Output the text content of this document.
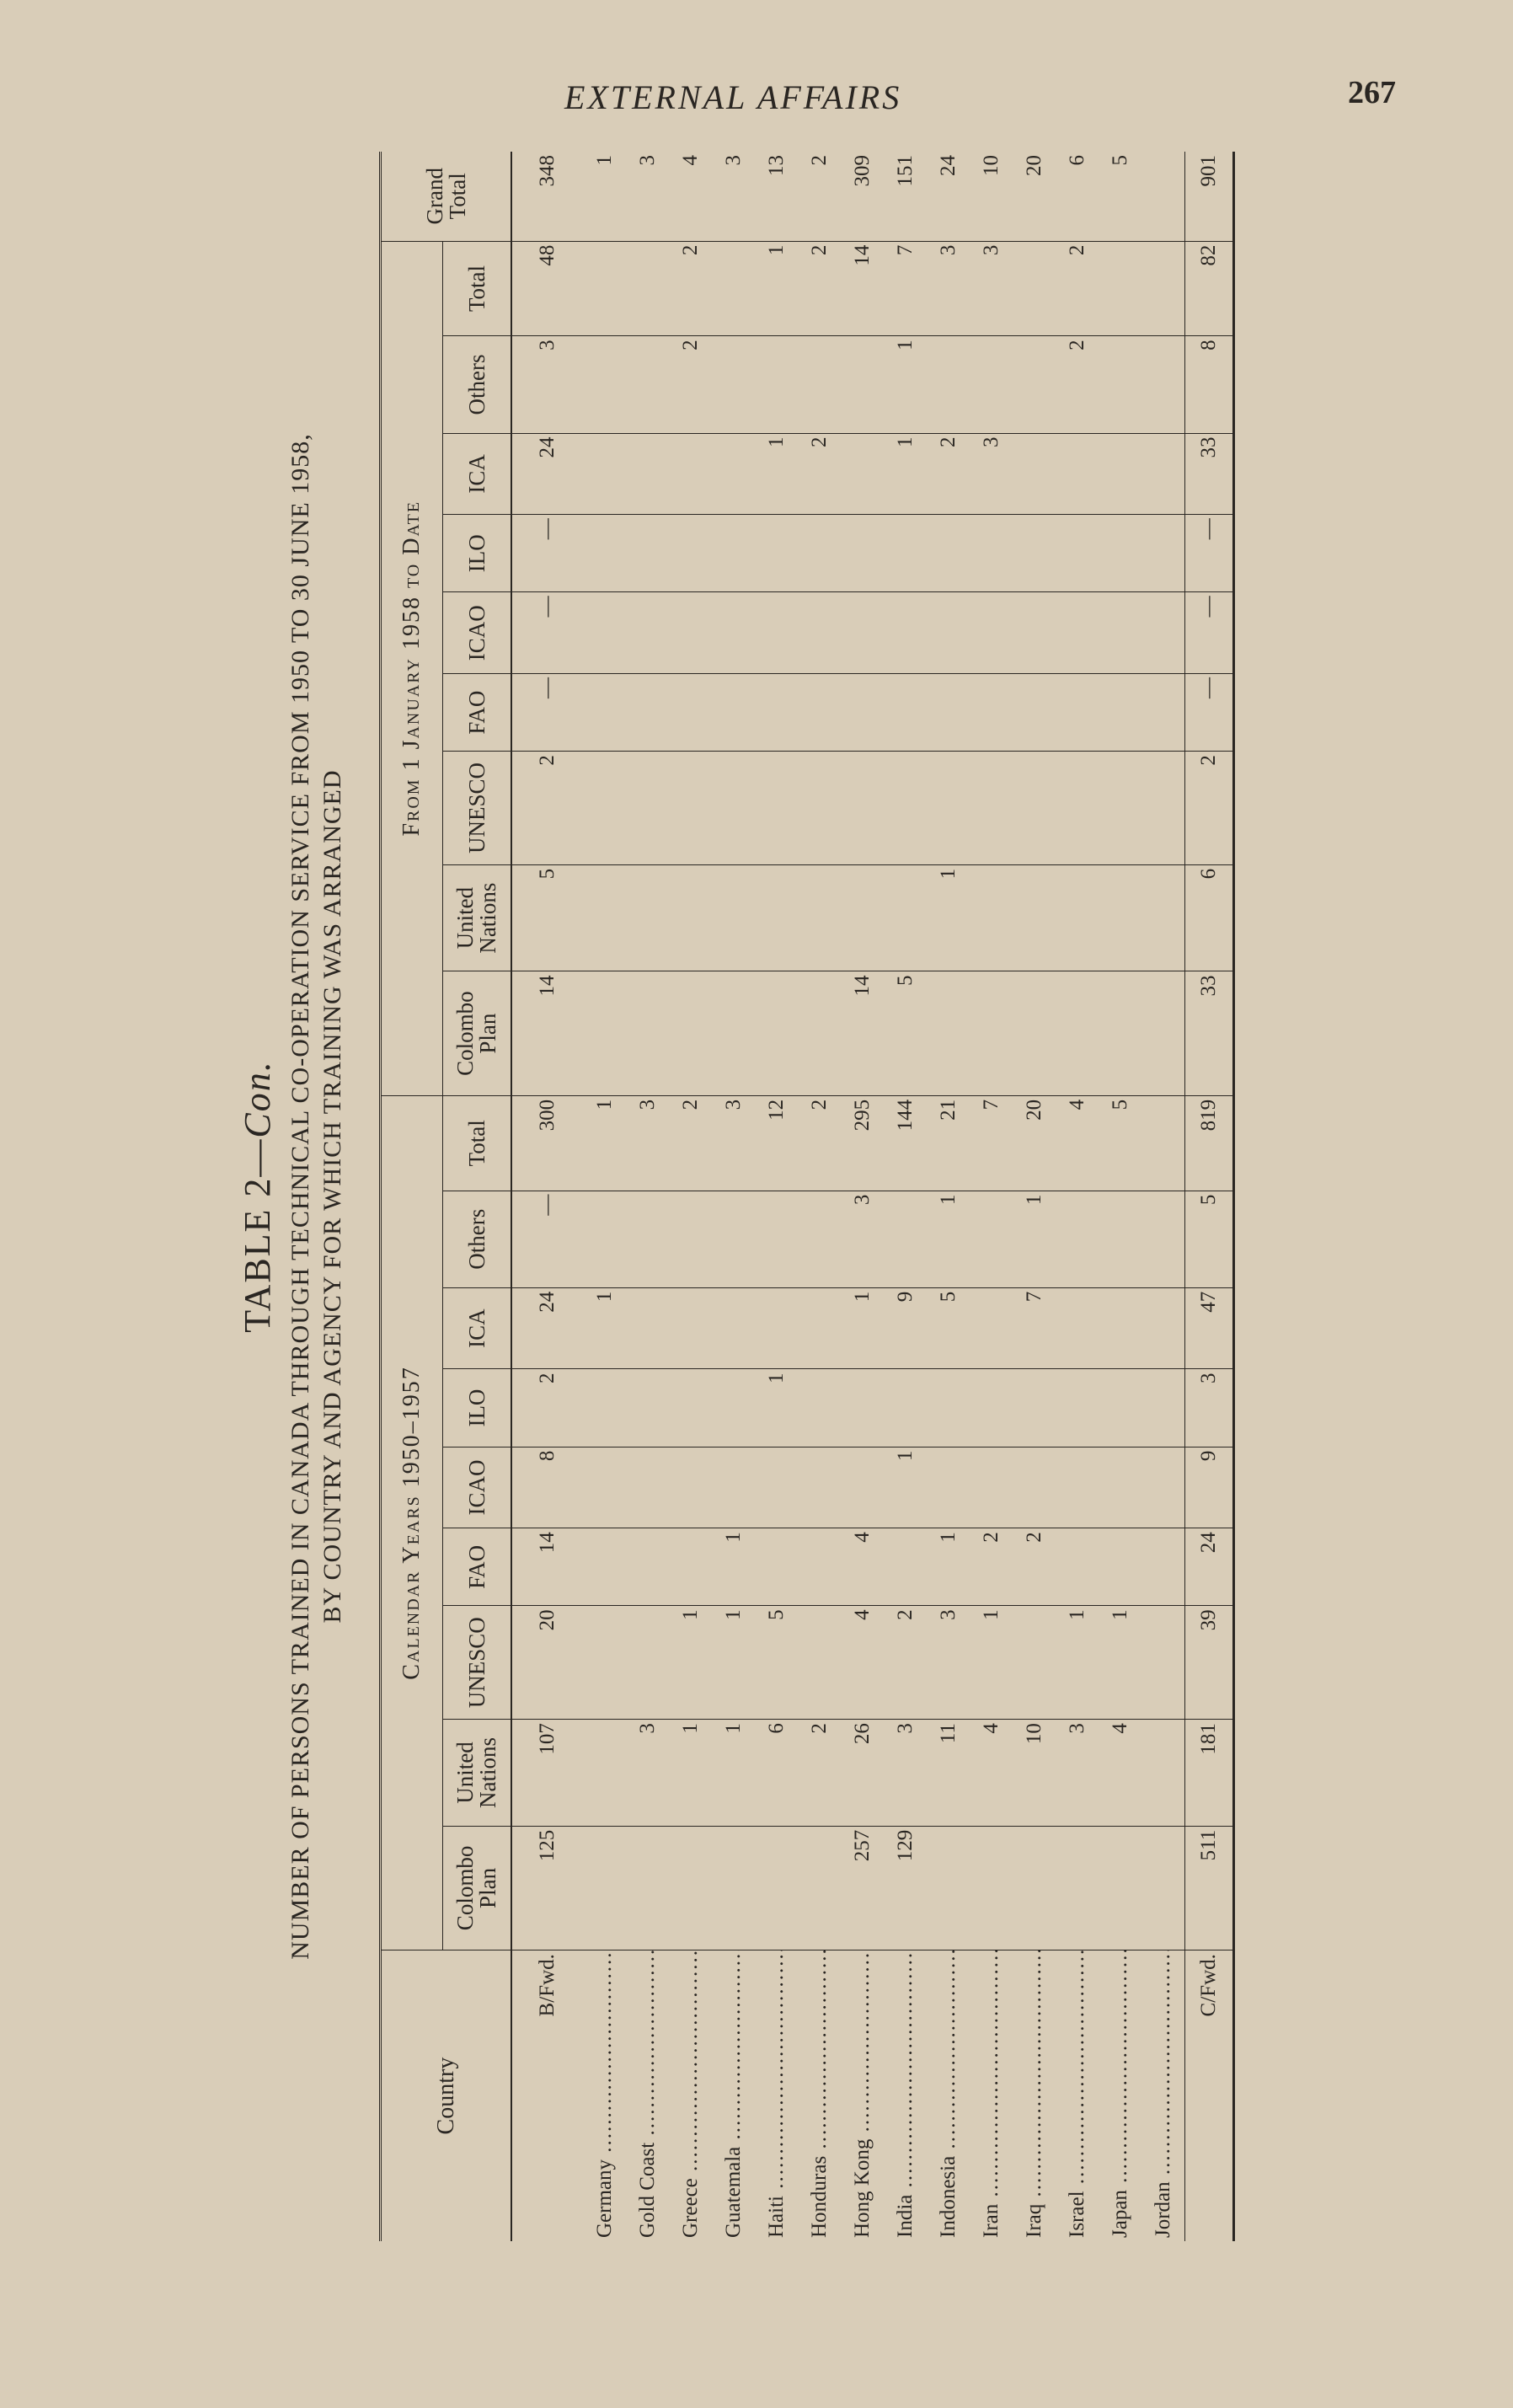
EXTERNAL AFFAIRS	267
TABLE 2—Con. NUMBER OF PERSONS TRAINED IN CANADA THROUGH TECHNICAL CO-OPERATION SERVICE FROM 1950 TO 30 JUNE 1958, BY COUNTRY AND AGENCY FOR WHICH TRAINING WAS ARRANGED
Country	Calendar Years 1950–1957									From 1 January 1958 to Date									Grand Total
	Colombo Plan	United Nations	UNESCO	FAO	ICAO	ILO	ICA	Others	Total	Colombo Plan	United Nations	UNESCO	FAO	ICAO	ILO	ICA	Others	Total	
B/Fwd.	125	107	20	14	8	2	24	—	300	14	5	2	—	—	—	24	3	48	348
Germany .....							1		1										1
Gold Coast .....		3							3										3
Greece .....		1	1						2								2	2	4
Guatemala .....		1	1	1					3										3
Haiti .....		6	5			1			12							1		1	13
Honduras .....		2							2							2		2	2
Hong Kong .....	257	26	4	4			1	3	295	14								14	309
India .....	129	3	2		1		9		144	5						1	1	7	151
Indonesia .....		11	3	1			5	1	21		1					2		3	24
Iran .....		4	1	2					7							3		3	10
Iraq .....		10		2			7	1	20										20
Israel .....		3	1						4								2	2	6
Japan .....		4	1						5										5
Jordan .....																			
C/Fwd.	511	181	39	24	9	3	47	5	819	33	6	2	—	—	—	33	8	82	901
